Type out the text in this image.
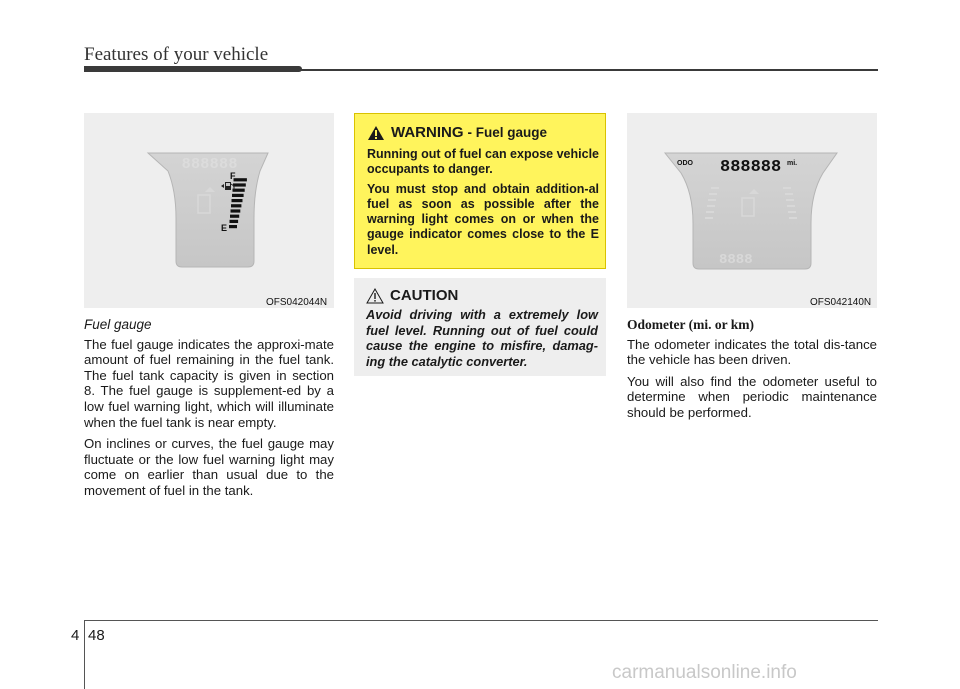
Features of your vehicle
888888
F
E
OFS042044N
Fuel gauge

The fuel gauge indicates the approxi-mate amount of fuel remaining in the fuel tank. The fuel tank capacity is given in section 8. The fuel gauge is supplement-ed by a low fuel warning light, which will illuminate when the fuel tank is near empty.

On inclines or curves, the fuel gauge may fluctuate or the low fuel warning light may come on earlier than usual due to the movement of fuel in the tank.

WARNING - Fuel gauge

Running out of fuel can expose vehicle occupants to danger.

You must stop and obtain addition-al fuel as soon as possible after the warning light comes on or when the gauge indicator comes close to the E level.

CAUTION
Avoid driving with a extremely low fuel level. Running out of fuel could cause the engine to misfire, damag-ing the catalytic converter.
ODO 888888 mi.
8888
OFS042140N
Odometer (mi. or km)

The odometer indicates the total dis-tance the vehicle has been driven.

You will also find the odometer useful to determine when periodic maintenance should be performed.

4 48
carmanualsonline.info
